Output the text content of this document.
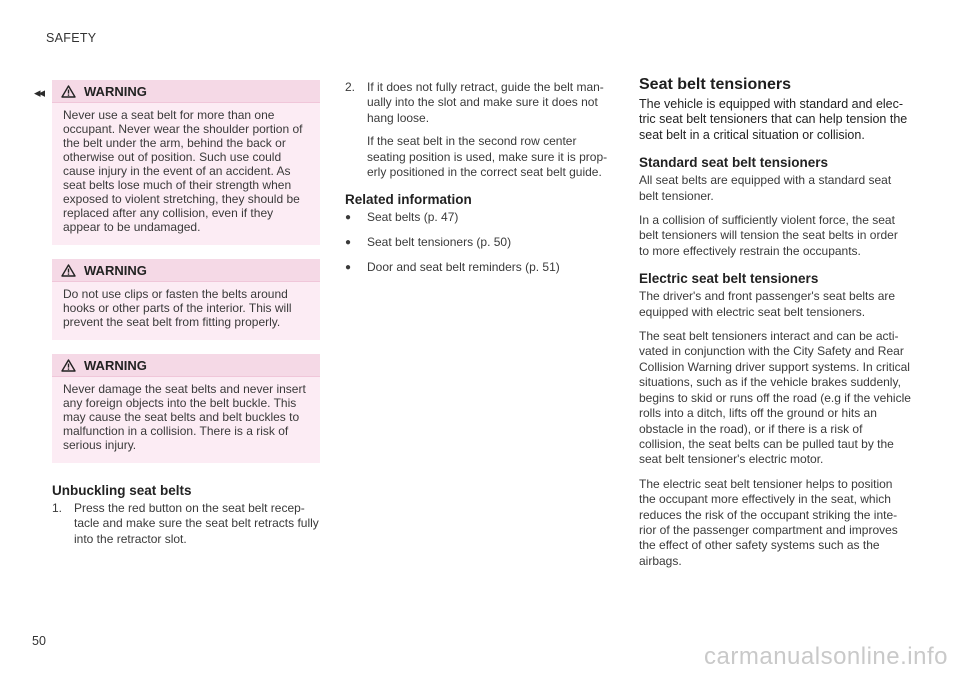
SAFETY
◂◂	WARNING
Never use a seat belt for more than one occupant. Never wear the shoulder portion of the belt under the arm, behind the back or otherwise out of position. Such use could cause injury in the event of an accident. As seat belts lose much of their strength when exposed to violent stretching, they should be replaced after any collision, even if they appear to be undamaged.
WARNING
Do not use clips or fasten the belts around hooks or other parts of the interior. This will prevent the seat belt from fitting properly.
WARNING
Never damage the seat belts and never insert any foreign objects into the belt buckle. This may cause the seat belts and belt buckles to malfunction in a collision. There is a risk of serious injury.
Unbuckling seat belts
1. Press the red button on the seat belt recep-tacle and make sure the seat belt retracts fully into the retractor slot.
2. If it does not fully retract, guide the belt man-ually into the slot and make sure it does not hang loose.
If the seat belt in the second row center seating position is used, make sure it is prop-erly positioned in the correct seat belt guide.
Related information
●	Seat belts (p. 47)
●	Seat belt tensioners (p. 50)
●	Door and seat belt reminders (p. 51)
Seat belt tensioners
The vehicle is equipped with standard and elec-tric seat belt tensioners that can help tension the seat belt in a critical situation or collision.
Standard seat belt tensioners
All seat belts are equipped with a standard seat belt tensioner.
In a collision of sufficiently violent force, the seat belt tensioners will tension the seat belts in order to more effectively restrain the occupants.
Electric seat belt tensioners
The driver's and front passenger's seat belts are equipped with electric seat belt tensioners.
The seat belt tensioners interact and can be acti-vated in conjunction with the City Safety and Rear Collision Warning driver support systems. In critical situations, such as if the vehicle brakes suddenly, begins to skid or runs off the road (e.g if the vehicle rolls into a ditch, lifts off the ground or hits an obstacle in the road), or if there is a risk of collision, the seat belts can be pulled taut by the seat belt tensioner's electric motor.
The electric seat belt tensioner helps to position the occupant more effectively in the seat, which reduces the risk of the occupant striking the inte-rior of the passenger compartment and improves the effect of other safety systems such as the airbags.
50
carmanualsonline.info
